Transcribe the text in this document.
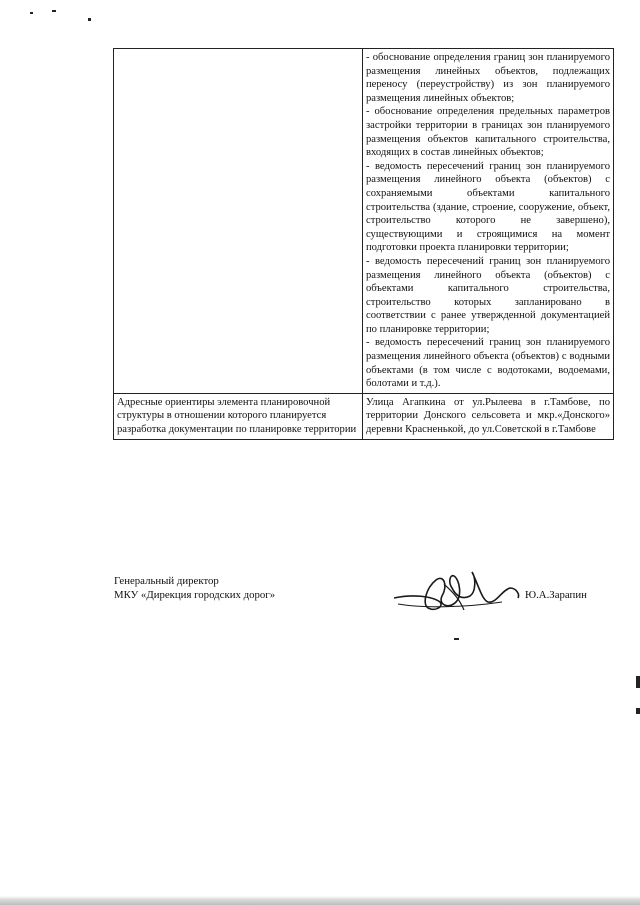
	- обоснование определения границ зон планируемого размещения линейных объектов, подлежащих переносу (переустройству) из зон планируемого размещения линейных объектов;

- обоснование определения предельных параметров застройки территории в границах зон планируемого размещения объектов капитального строительства, входящих в состав линейных объектов;

- ведомость пересечений границ зон планируемого размещения линейного объекта (объектов) с сохраняемыми объектами капитального строительства (здание, строение, сооружение, объект, строительство которого не завершено), существующими и строящимися на момент подготовки проекта планировки территории;

- ведомость пересечений границ зон планируемого размещения линейного объекта (объектов) с объектами капитального строительства, строительство которых запланировано в соответствии с ранее утвержденной документацией по планировке территории;

- ведомость пересечений границ зон планируемого размещения линейного объекта (объектов) с водными объектами (в том числе с водотоками, водоемами, болотами и т.д.).

Адресные ориентиры элемента планировочной структуры в отношении которого планируется разработка документации по планировке территории	Улица Агапкина от ул.Рылеева в г.Тамбове, по территории Донского сельсовета и мкр.«Донского» деревни Красненькой, до ул.Советской в г.Тамбове
Генеральный директор
МКУ «Дирекция городских дорог»	Ю.А.Зарапин
